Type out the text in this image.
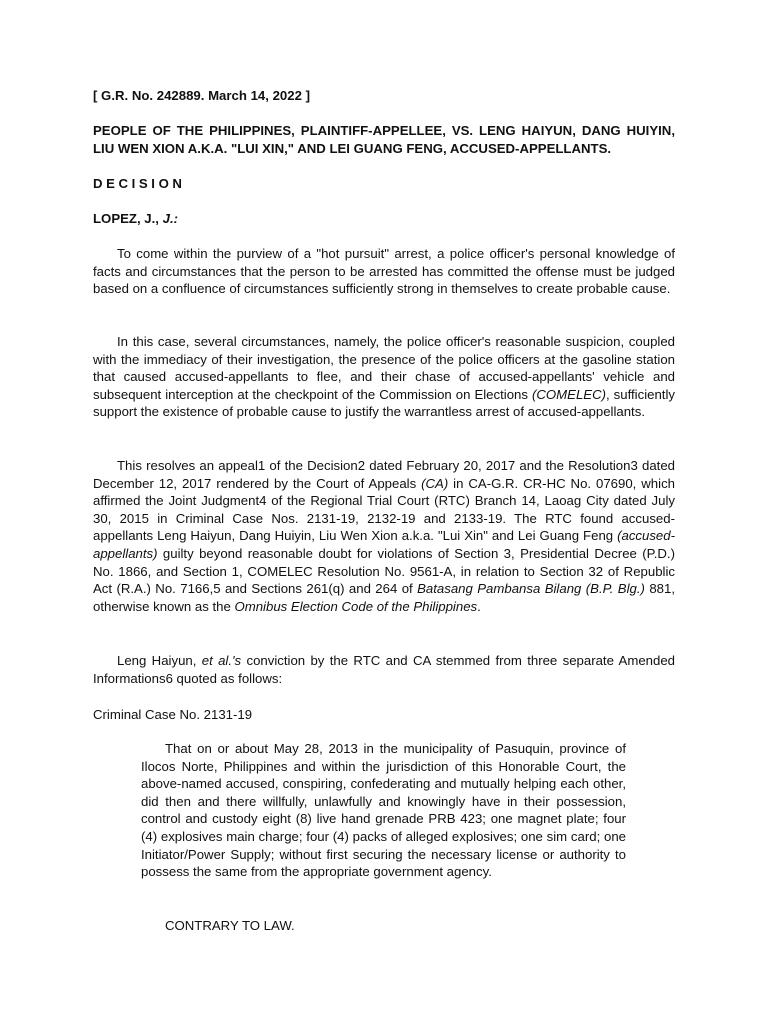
[ G.R. No. 242889. March 14, 2022 ]

PEOPLE OF THE PHILIPPINES, PLAINTIFF-APPELLEE, VS. LENG HAIYUN, DANG HUIYIN, LIU WEN XION A.K.A. "LUI XIN," AND LEI GUANG FENG, ACCUSED-APPELLANTS.

DECISION

LOPEZ, J., J.:

To come within the purview of a "hot pursuit" arrest, a police officer's personal knowledge of facts and circumstances that the person to be arrested has committed the offense must be judged based on a confluence of circumstances sufficiently strong in themselves to create probable cause.

In this case, several circumstances, namely, the police officer's reasonable suspicion, coupled with the immediacy of their investigation, the presence of the police officers at the gasoline station that caused accused-appellants to flee, and their chase of accused-appellants' vehicle and subsequent interception at the checkpoint of the Commission on Elections (COMELEC), sufficiently support the existence of probable cause to justify the warrantless arrest of accused-appellants.

This resolves an appeal1 of the Decision2 dated February 20, 2017 and the Resolution3 dated December 12, 2017 rendered by the Court of Appeals (CA) in CA-G.R. CR-HC No. 07690, which affirmed the Joint Judgment4 of the Regional Trial Court (RTC) Branch 14, Laoag City dated July 30, 2015 in Criminal Case Nos. 2131-19, 2132-19 and 2133-19. The RTC found accused-appellants Leng Haiyun, Dang Huiyin, Liu Wen Xion a.k.a. "Lui Xin" and Lei Guang Feng (accused-appellants) guilty beyond reasonable doubt for violations of Section 3, Presidential Decree (P.D.) No. 1866, and Section 1, COMELEC Resolution No. 9561-A, in relation to Section 32 of Republic Act (R.A.) No. 7166,5 and Sections 261(q) and 264 of Batasang Pambansa Bilang (B.P. Blg.) 881, otherwise known as the Omnibus Election Code of the Philippines.

Leng Haiyun, et al.'s conviction by the RTC and CA stemmed from three separate Amended Informations6 quoted as follows:

Criminal Case No. 2131-19

That on or about May 28, 2013 in the municipality of Pasuquin, province of Ilocos Norte, Philippines and within the jurisdiction of this Honorable Court, the above-named accused, conspiring, confederating and mutually helping each other, did then and there willfully, unlawfully and knowingly have in their possession, control and custody eight (8) live hand grenade PRB 423; one magnet plate; four (4) explosives main charge; four (4) packs of alleged explosives; one sim card; one Initiator/Power Supply; without first securing the necessary license or authority to possess the same from the appropriate government agency.

CONTRARY TO LAW.
